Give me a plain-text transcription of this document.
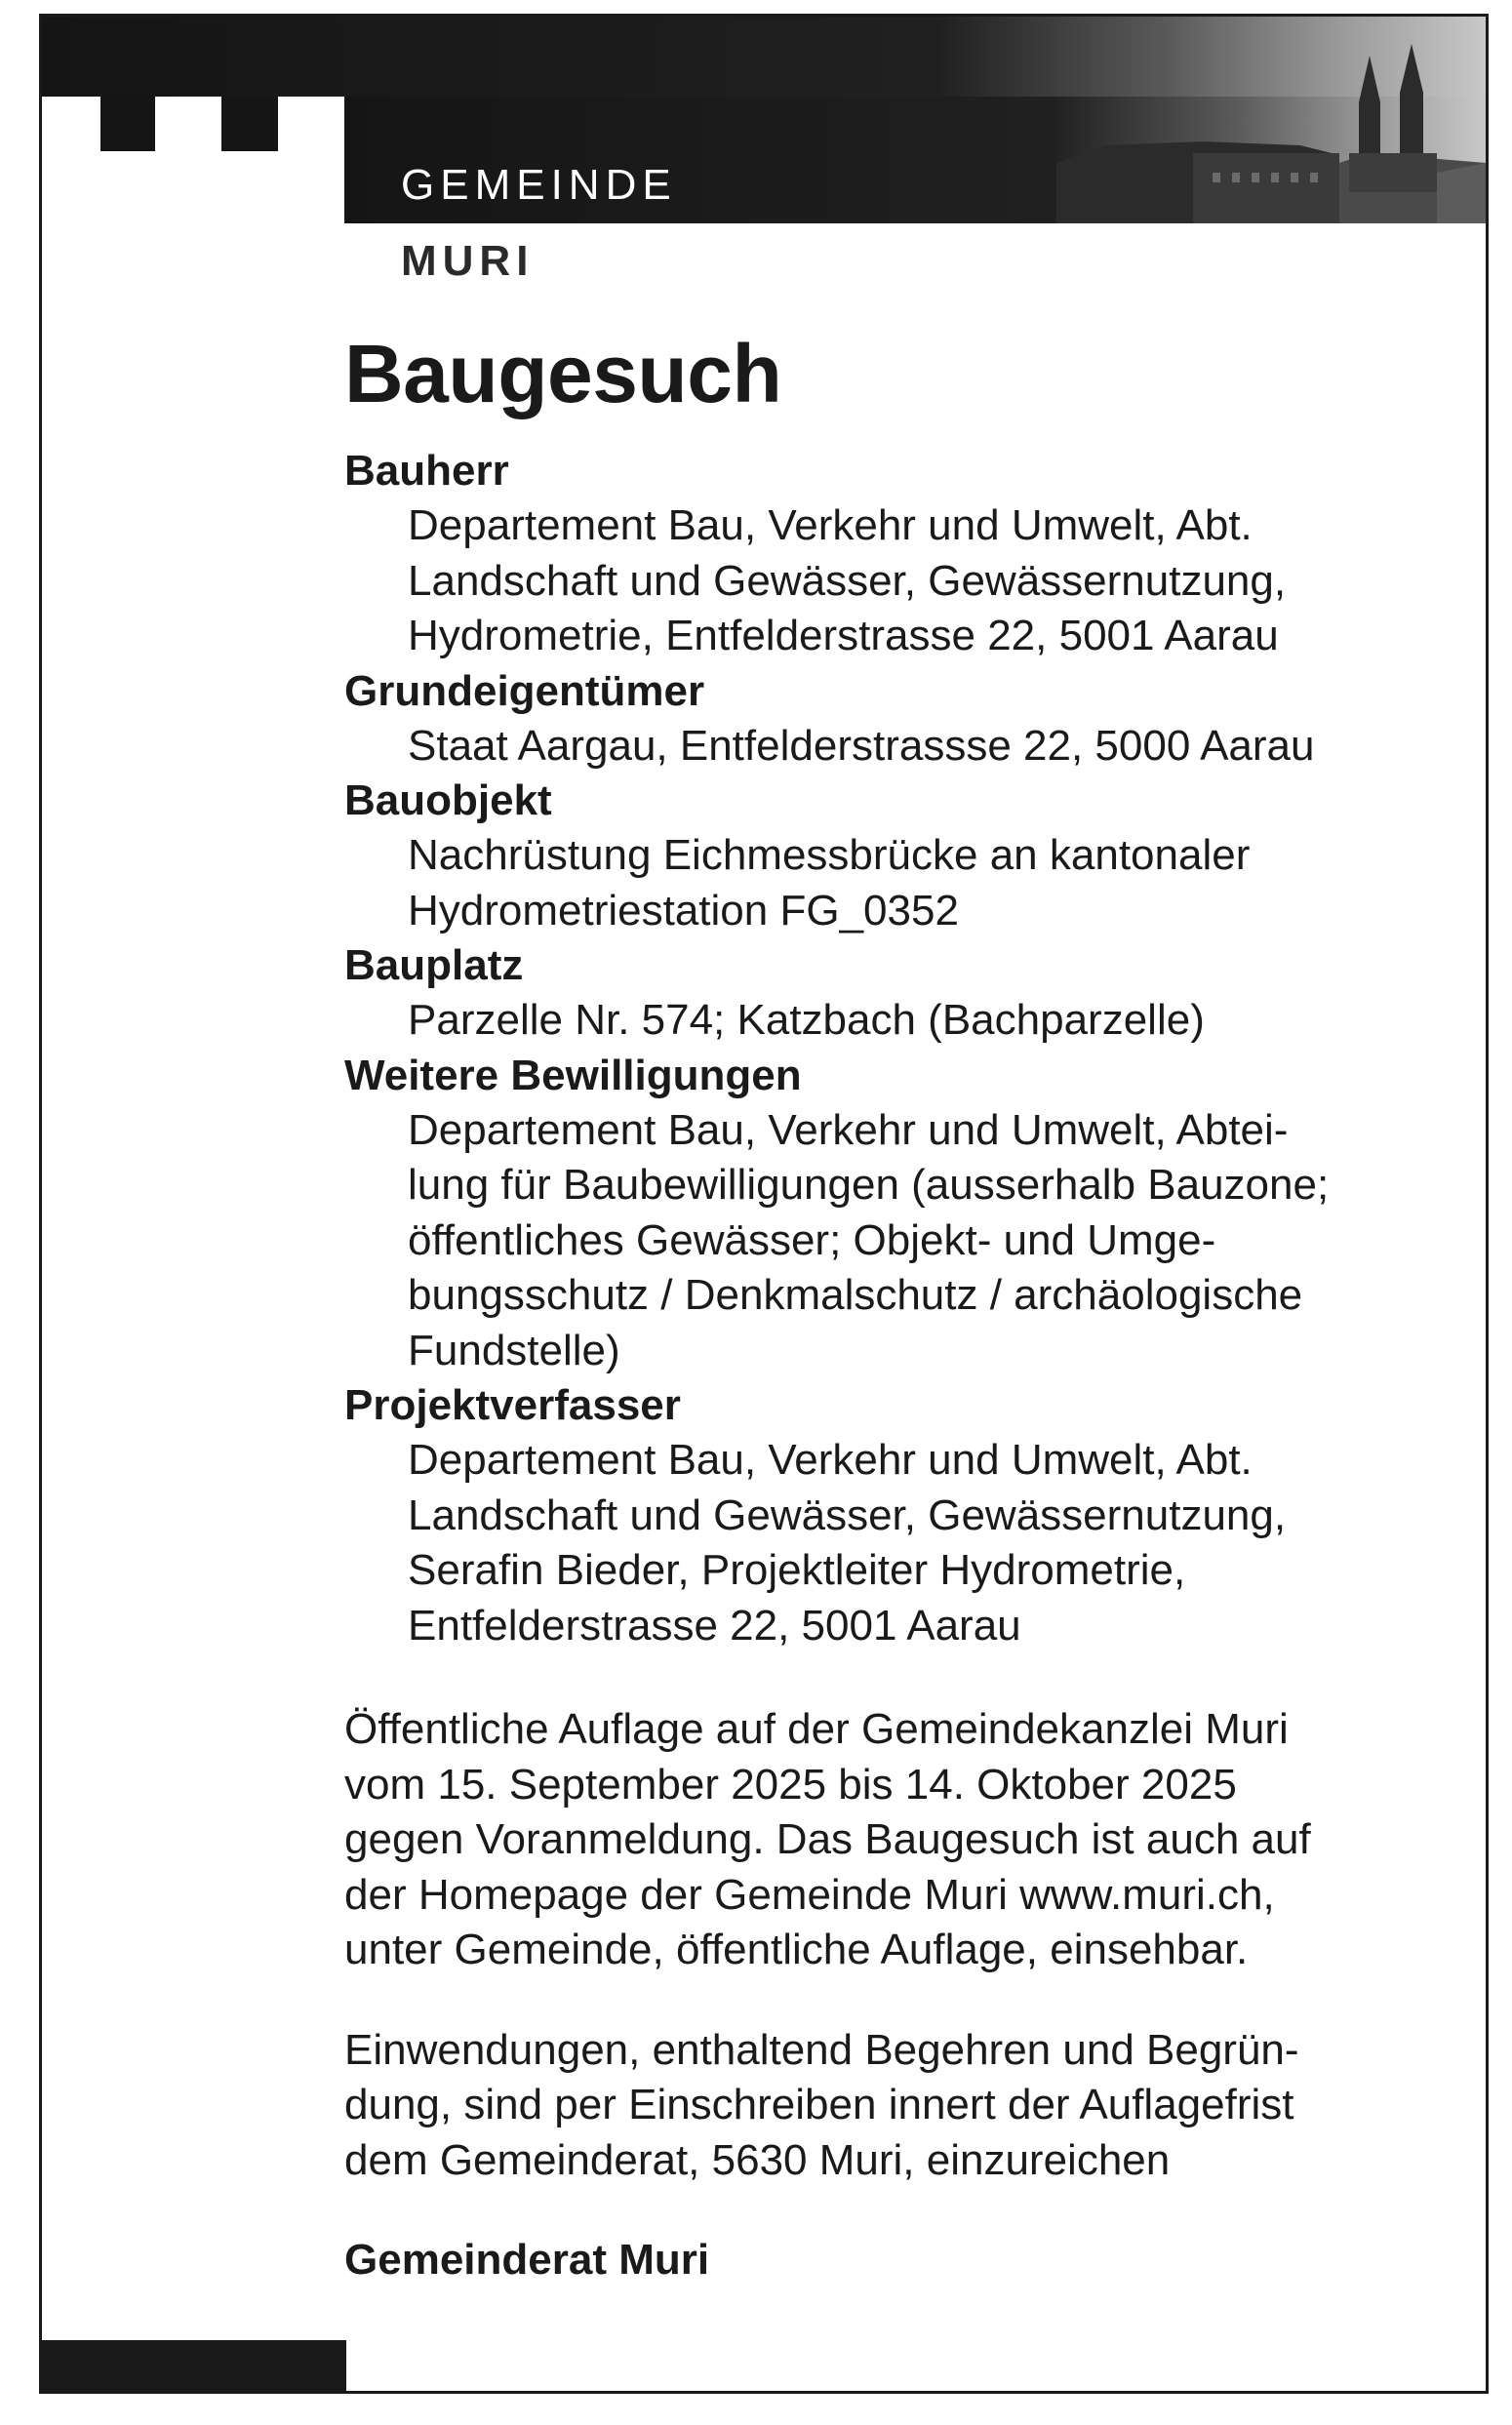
GEMEINDE
MURI
Baugesuch

Bauherr

Departement Bau, Verkehr und Umwelt, Abt.
Landschaft und Gewässer, Gewässernutzung,
Hydrometrie, Entfelderstrasse 22, 5001 Aarau

Grundeigentümer

Staat Aargau, Entfelderstrassse 22, 5000 Aarau

Bauobjekt

Nachrüstung Eichmessbrücke an kantonaler
Hydrometriestation FG_0352

Bauplatz

Parzelle Nr. 574; Katzbach (Bachparzelle)

Weitere Bewilligungen

Departement Bau, Verkehr und Umwelt, Abtei-
lung für Baubewilligungen (ausserhalb Bauzone;
öffentliches Gewässer; Objekt- und Umge-
bungsschutz / Denkmalschutz / archäologische
Fundstelle)

Projektverfasser

Departement Bau, Verkehr und Umwelt, Abt.
Landschaft und Gewässer, Gewässernutzung,
Serafin Bieder, Projektleiter Hydrometrie,
Entfelderstrasse 22, 5001 Aarau

Öffentliche Auflage auf der Gemeindekanzlei Muri
vom 15. September 2025 bis 14. Oktober 2025
gegen Voranmeldung. Das Baugesuch ist auch auf
der Homepage der Gemeinde Muri www.muri.ch,
unter Gemeinde, öffentliche Auflage, einsehbar.

Einwendungen, enthaltend Begehren und Begrün-
dung, sind per Einschreiben innert der Auflagefrist
dem Gemeinderat, 5630 Muri, einzureichen

Gemeinderat Muri
